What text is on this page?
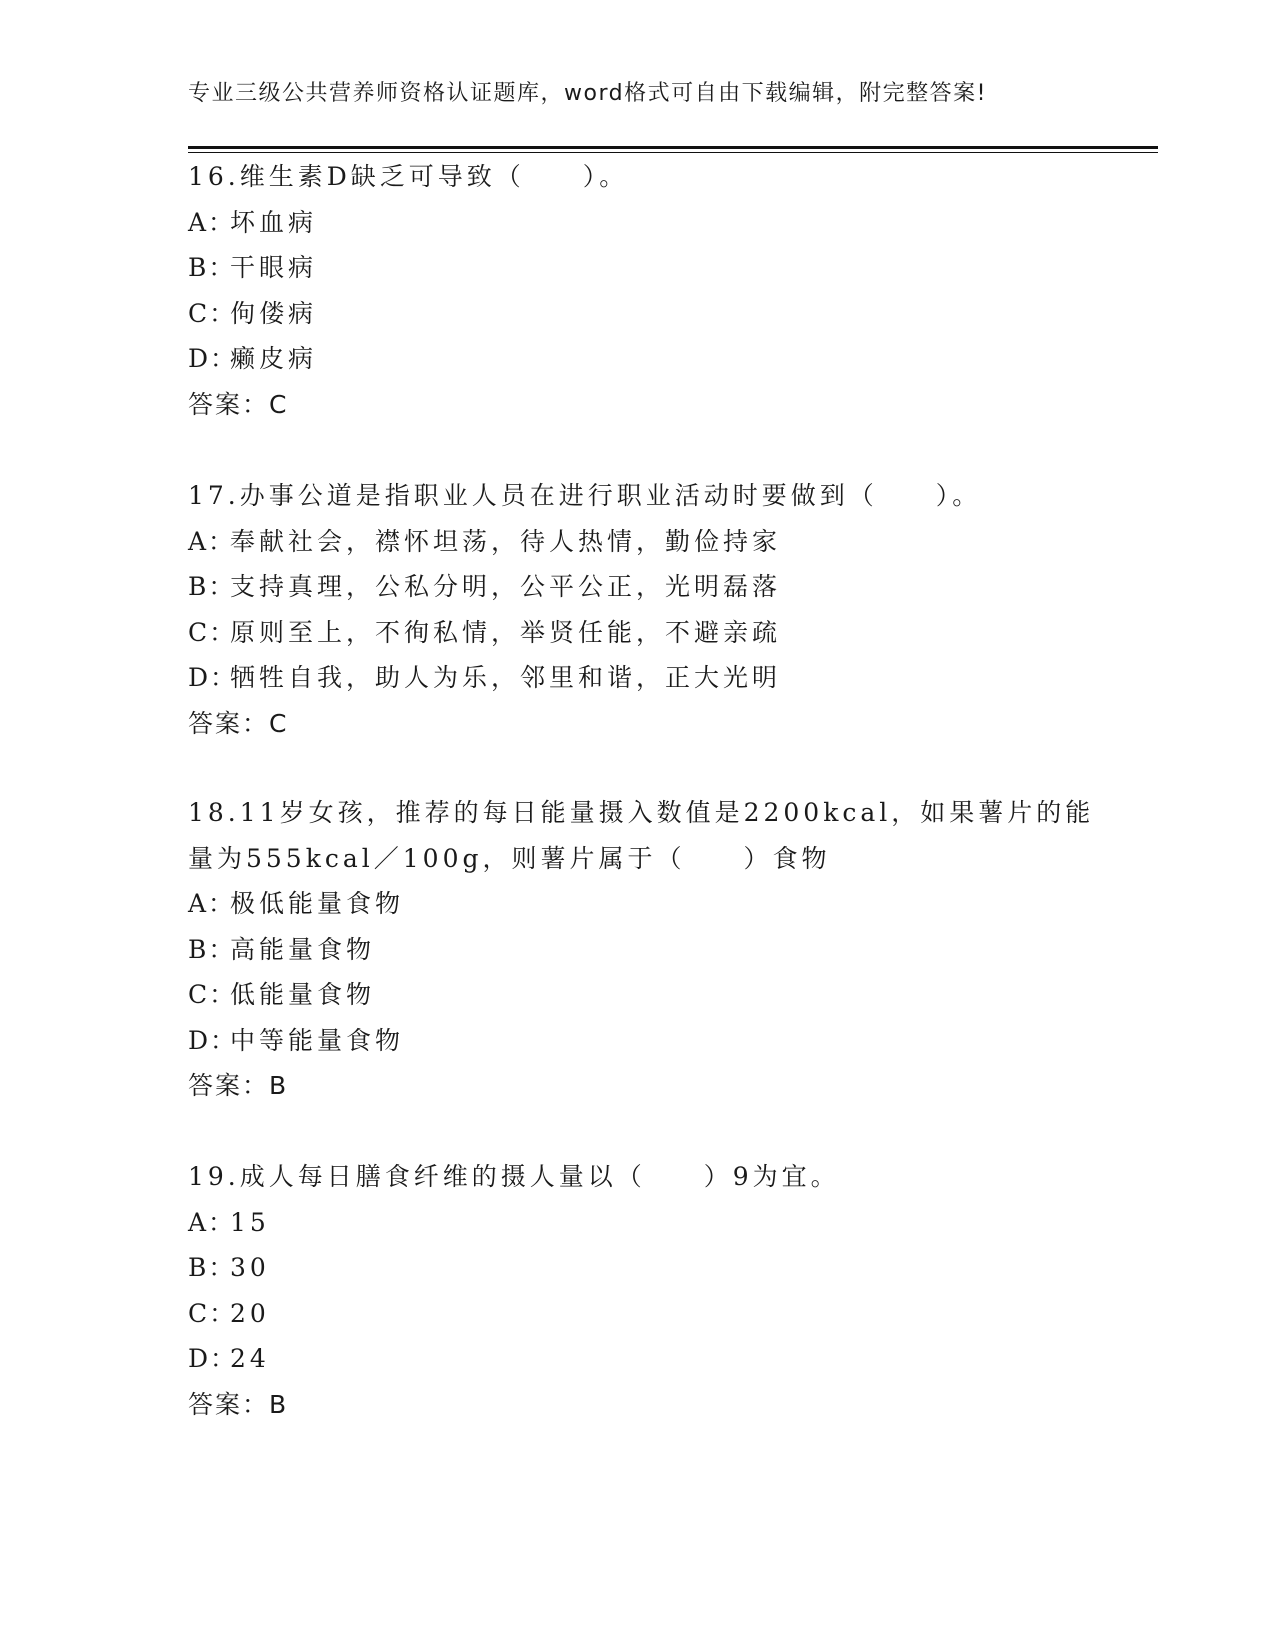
专业三级公共营养师资格认证题库，word格式可自由下载编辑，附完整答案!
16.维生素D缺乏可导致（　　）。
A：坏血病
B：干眼病
C：佝偻病
D：癞皮病
答案：C
17.办事公道是指职业人员在进行职业活动时要做到（　　）。
A：奉献社会，襟怀坦荡，待人热情，勤俭持家
B：支持真理，公私分明，公平公正，光明磊落
C：原则至上，不徇私情，举贤任能，不避亲疏
D：牺牲自我，助人为乐，邻里和谐，正大光明
答案：C
18.11岁女孩，推荐的每日能量摄入数值是2200kcal，如果薯片的能
量为555kcal／100g，则薯片属于（　　）食物
A：极低能量食物
B：高能量食物
C：低能量食物
D：中等能量食物
答案：B
19.成人每日膳食纤维的摄人量以（　　）9为宜。
A：15
B：30
C：20
D：24
答案：B
